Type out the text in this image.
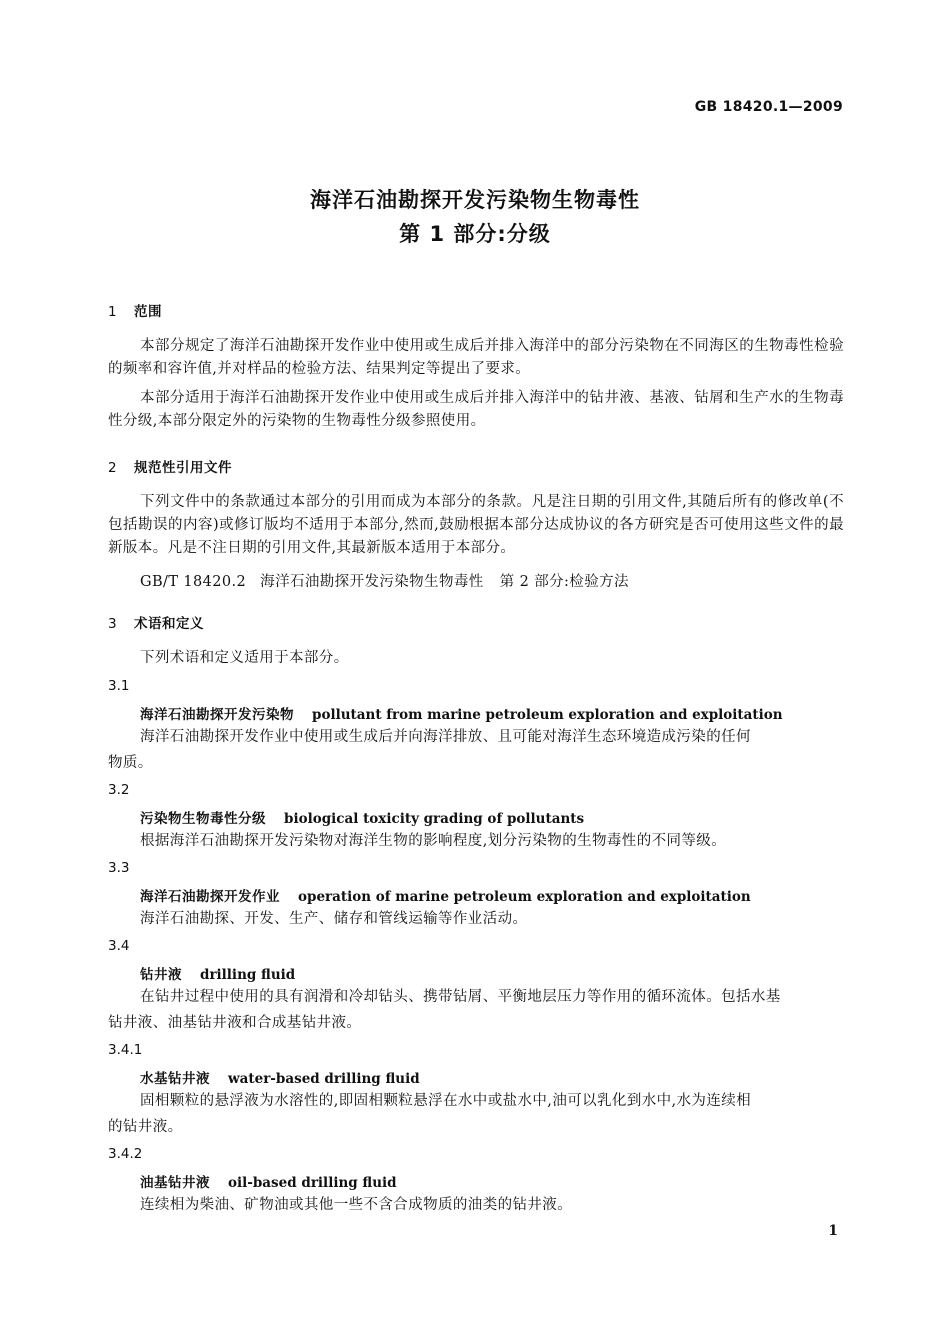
GB 18420.1—2009
海洋石油勘探开发污染物生物毒性
第 1 部分:分级
1 范围
本部分规定了海洋石油勘探开发作业中使用或生成后并排入海洋中的部分污染物在不同海区的生物毒性检验的频率和容许值,并对样品的检验方法、结果判定等提出了要求。
本部分适用于海洋石油勘探开发作业中使用或生成后并排入海洋中的钻井液、基液、钻屑和生产水的生物毒性分级,本部分限定外的污染物的生物毒性分级参照使用。
2 规范性引用文件
下列文件中的条款通过本部分的引用而成为本部分的条款。凡是注日期的引用文件,其随后所有的修改单(不包括勘误的内容)或修订版均不适用于本部分,然而,鼓励根据本部分达成协议的各方研究是否可使用这些文件的最新版本。凡是不注日期的引用文件,其最新版本适用于本部分。
GB/T 18420.2 海洋石油勘探开发污染物生物毒性 第 2 部分:检验方法
3 术语和定义
下列术语和定义适用于本部分。
3.1
海洋石油勘探开发污染物 pollutant from marine petroleum exploration and exploitation
海洋石油勘探开发作业中使用或生成后并向海洋排放、且可能对海洋生态环境造成污染的任何
物质。
3.2
污染物生物毒性分级 biological toxicity grading of pollutants
根据海洋石油勘探开发污染物对海洋生物的影响程度,划分污染物的生物毒性的不同等级。
3.3
海洋石油勘探开发作业 operation of marine petroleum exploration and exploitation
海洋石油勘探、开发、生产、储存和管线运输等作业活动。
3.4
钻井液 drilling fluid
在钻井过程中使用的具有润滑和冷却钻头、携带钻屑、平衡地层压力等作用的循环流体。包括水基
钻井液、油基钻井液和合成基钻井液。
3.4.1
水基钻井液 water-based drilling fluid
固相颗粒的悬浮液为水溶性的,即固相颗粒悬浮在水中或盐水中,油可以乳化到水中,水为连续相
的钻井液。
3.4.2
油基钻井液 oil-based drilling fluid
连续相为柴油、矿物油或其他一些不含合成物质的油类的钻井液。
1
